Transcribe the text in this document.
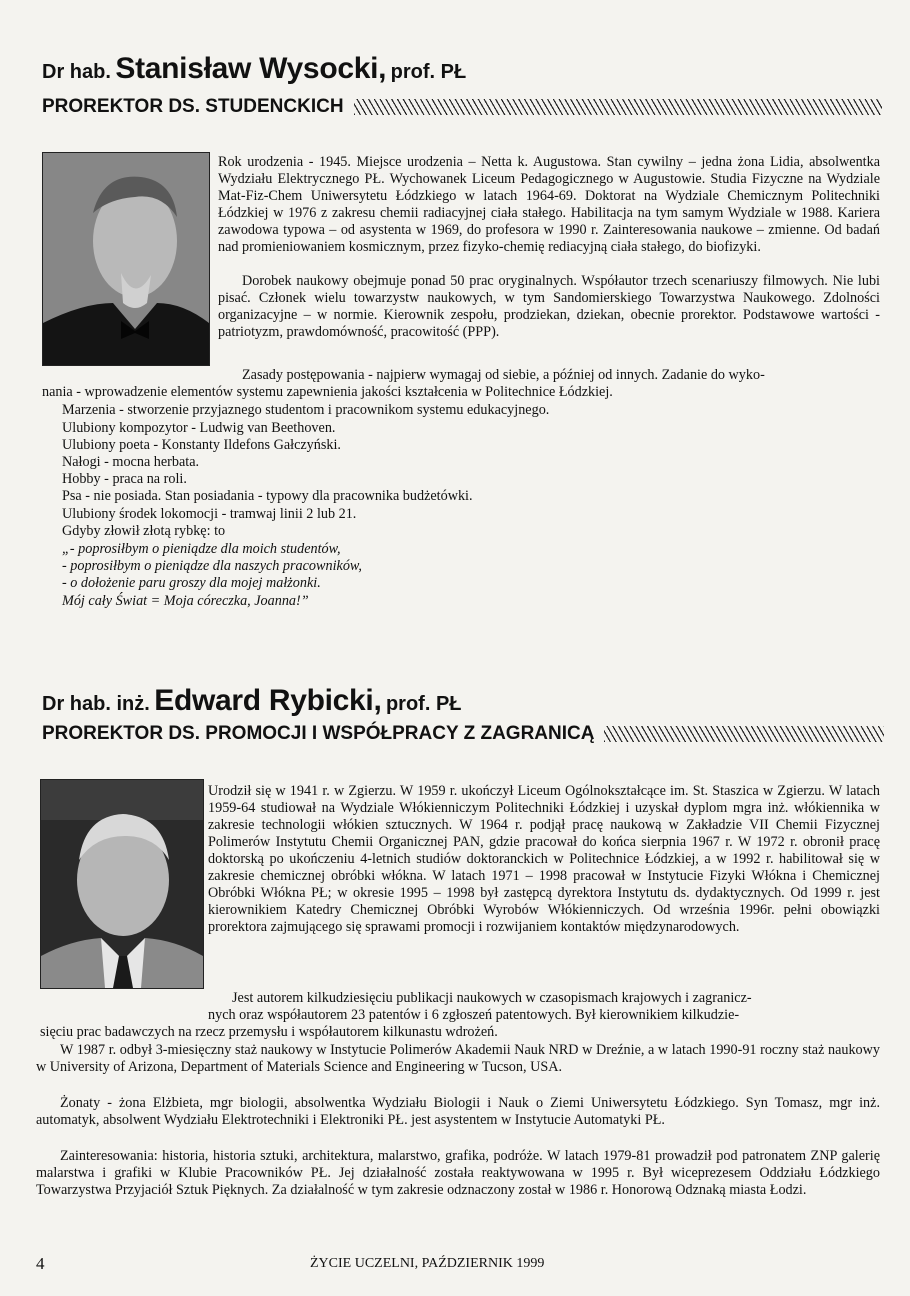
Dr hab. Stanisław Wysocki, prof. PŁ
PROREKTOR DS. STUDENCKICH

Rok urodzenia - 1945. Miejsce urodzenia – Netta k. Augustowa. Stan cywilny – jedna żona Lidia, absolwentka Wydziału Elektrycznego PŁ. Wychowanek Liceum Pedagogicznego w Augustowie. Studia Fizyczne na Wydziale Mat-Fiz-Chem Uniwersytetu Łódzkiego w latach 1964-69. Doktorat na Wydziale Chemicznym Politechniki Łódzkiej w 1976 z zakresu chemii radiacyjnej ciała stałego. Habilitacja na tym samym Wydziale w 1988. Kariera zawodowa typowa – od asystenta w 1969, do profesora w 1990 r. Zainteresowania naukowe – zmienne. Od badań nad promieniowaniem kosmicznym, przez fizyko-chemię rediacyjną ciała stałego, do biofizyki.

Dorobek naukowy obejmuje ponad 50 prac oryginalnych. Współautor trzech scenariuszy filmowych. Nie lubi pisać. Członek wielu towarzystw naukowych, w tym Sandomierskiego Towarzystwa Naukowego. Zdolności organizacyjne – w normie. Kierownik zespołu, prodziekan, dziekan, obecnie prorektor. Podstawowe wartości - patriotyzm, prawdomówność, pracowitość (PPP).

Zasady postępowania - najpierw wymagaj od siebie, a później od innych. Zadanie do wyko-

nania - wprowadzenie elementów systemu zapewnienia jakości kształcenia w Politechnice Łódzkiej.

Marzenia - stworzenie przyjaznego studentom i pracownikom systemu edukacyjnego.

Ulubiony kompozytor - Ludwig van Beethoven.

Ulubiony poeta - Konstanty Ildefons Gałczyński.

Nałogi - mocna herbata.

Hobby - praca na roli.

Psa - nie posiada. Stan posiadania - typowy dla pracownika budżetówki.

Ulubiony środek lokomocji - tramwaj linii 2 lub 21.

Gdyby złowił złotą rybkę: to

„- poprosiłbym o pieniądze dla moich studentów,

- poprosiłbym o pieniądze dla naszych pracowników,

- o dołożenie paru groszy dla mojej małżonki.

Mój cały Świat = Moja córeczka, Joanna!”

Dr hab. inż. Edward Rybicki, prof. PŁ
PROREKTOR DS. PROMOCJI I WSPÓŁPRACY Z ZAGRANICĄ

Urodził się w 1941 r. w Zgierzu. W 1959 r. ukończył Liceum Ogólnokształcące im. St. Staszica w Zgierzu. W latach 1959-64 studiował na Wydziale Włókienniczym Politechniki Łódzkiej i uzyskał dyplom mgra inż. włókiennika w zakresie technologii włókien sztucznych. W 1964 r. podjął pracę naukową w Zakładzie VII Chemii Fizycznej Polimerów Instytutu Chemii Organicznej PAN, gdzie pracował do końca sierpnia 1967 r. W 1972 r. obronił pracę doktorską po ukończeniu 4-letnich studiów doktoranckich w Politechnice Łódzkiej, a w 1992 r. habilitował się w zakresie chemicznej obróbki włókna. W latach 1971 – 1998 pracował w Instytucie Fizyki Włókna i Chemicznej Obróbki Włókna PŁ; w okresie 1995 – 1998 był zastępcą dyrektora Instytutu ds. dydaktycznych. Od 1999 r. jest kierownikiem Katedry Chemicznej Obróbki Wyrobów Włókienniczych. Od września 1996r. pełni obowiązki prorektora zajmującego się sprawami promocji i rozwijaniem kontaktów międzynarodowych.

Jest autorem kilkudziesięciu publikacji naukowych w czasopismach krajowych i zagranicz-

nych oraz współautorem 23 patentów i 6 zgłoszeń patentowych. Był kierownikiem kilkudzie-

sięciu prac badawczych na rzecz przemysłu i współautorem kilkunastu wdrożeń.

W 1987 r. odbył 3-miesięczny staż naukowy w Instytucie Polimerów Akademii Nauk NRD w Dreźnie, a w latach 1990-91 roczny staż naukowy w University of Arizona, Department of Materials Science and Engineering w Tucson, USA.

Żonaty - żona Elżbieta, mgr biologii, absolwentka Wydziału Biologii i Nauk o Ziemi Uniwersytetu Łódzkiego. Syn Tomasz, mgr inż. automatyk, absolwent Wydziału Elektrotechniki i Elektroniki PŁ. jest asystentem w Instytucie Automatyki PŁ.

Zainteresowania: historia, historia sztuki, architektura, malarstwo, grafika, podróże. W latach 1979-81 prowadził pod patronatem ZNP galerię malarstwa i grafiki w Klubie Pracowników PŁ. Jej działalność została reaktywowana w 1995 r. Był wiceprezesem Oddziału Łódzkiego Towarzystwa Przyjaciół Sztuk Pięknych. Za działalność w tym zakresie odznaczony został w 1986 r. Honorową Odznaką miasta Łodzi.

4	ŻYCIE UCZELNI, PAŹDZIERNIK 1999
